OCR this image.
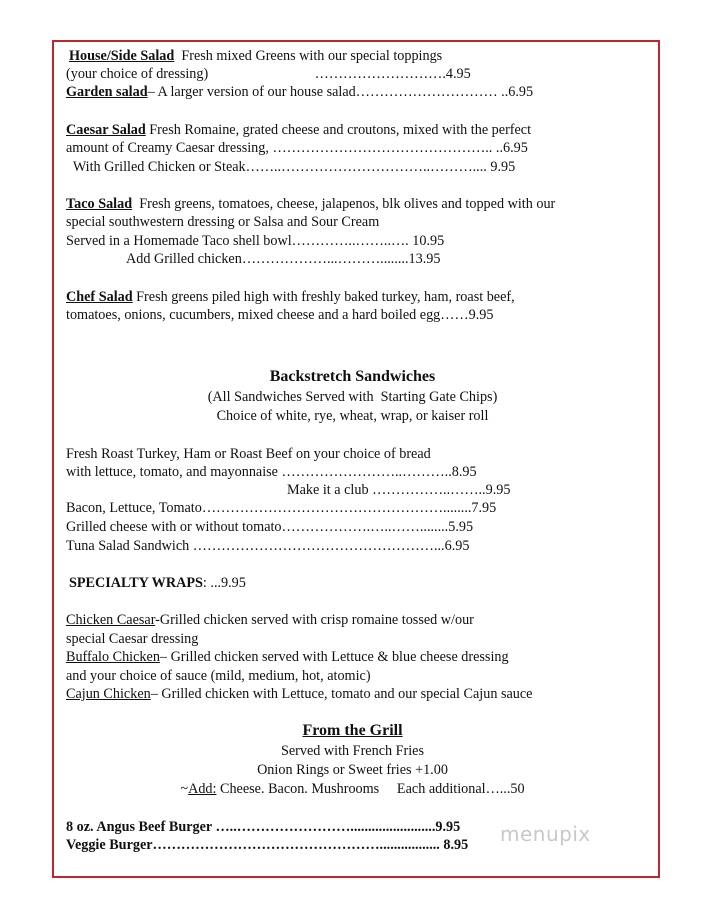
House/Side Salad  Fresh mixed Greens with our special toppings
(your choice of dressing)                              ……………………….4.95
Garden salad– A larger version of our house salad………………………… ..6.95
Caesar Salad Fresh Romaine, grated cheese and croutons, mixed with the perfect
amount of Creamy Caesar dressing, ……………………………………….. ..6.95
With Grilled Chicken or Steak……..…………………………..……….... 9.95
Taco Salad  Fresh greens, tomatoes, cheese, jalapenos, blk olives and topped with our
special southwestern dressing or Salsa and Sour Cream
Served in a Homemade Taco shell bowl…………..……..…. 10.95
Add Grilled chicken………………...………........13.95
Chef Salad Fresh greens piled high with freshly baked turkey, ham, roast beef,
tomatoes, onions, cucumbers, mixed cheese and a hard boiled egg……9.95
Backstretch Sandwiches
(All Sandwiches Served with  Starting Gate Chips)
Choice of white, rye, wheat, wrap, or kaiser roll
Fresh Roast Turkey, Ham or Roast Beef on your choice of bread
with lettuce, tomato, and mayonnaise ……………………..………..8.95
Make it a club ……………..……..9.95
Bacon, Lettuce, Tomato……………………………………………........7.95
Grilled cheese with or without tomato……………….…..……........5.95
Tuna Salad Sandwich ……………………………………………...6.95
SPECIALTY WRAPS: ...9.95
Chicken Caesar-Grilled chicken served with crisp romaine tossed w/our
special Caesar dressing
Buffalo Chicken– Grilled chicken served with Lettuce & blue cheese dressing
and your choice of sauce (mild, medium, hot, atomic)
Cajun Chicken– Grilled chicken with Lettuce, tomato and our special Cajun sauce
From the Grill
Served with French Fries
Onion Rings or Sweet fries +1.00
~Add: Cheese. Bacon. Mushrooms     Each additional…...50
8 oz. Angus Beef Burger …..……………………........................9.95
Veggie Burger…………………………………………................. 8.95 menupix
